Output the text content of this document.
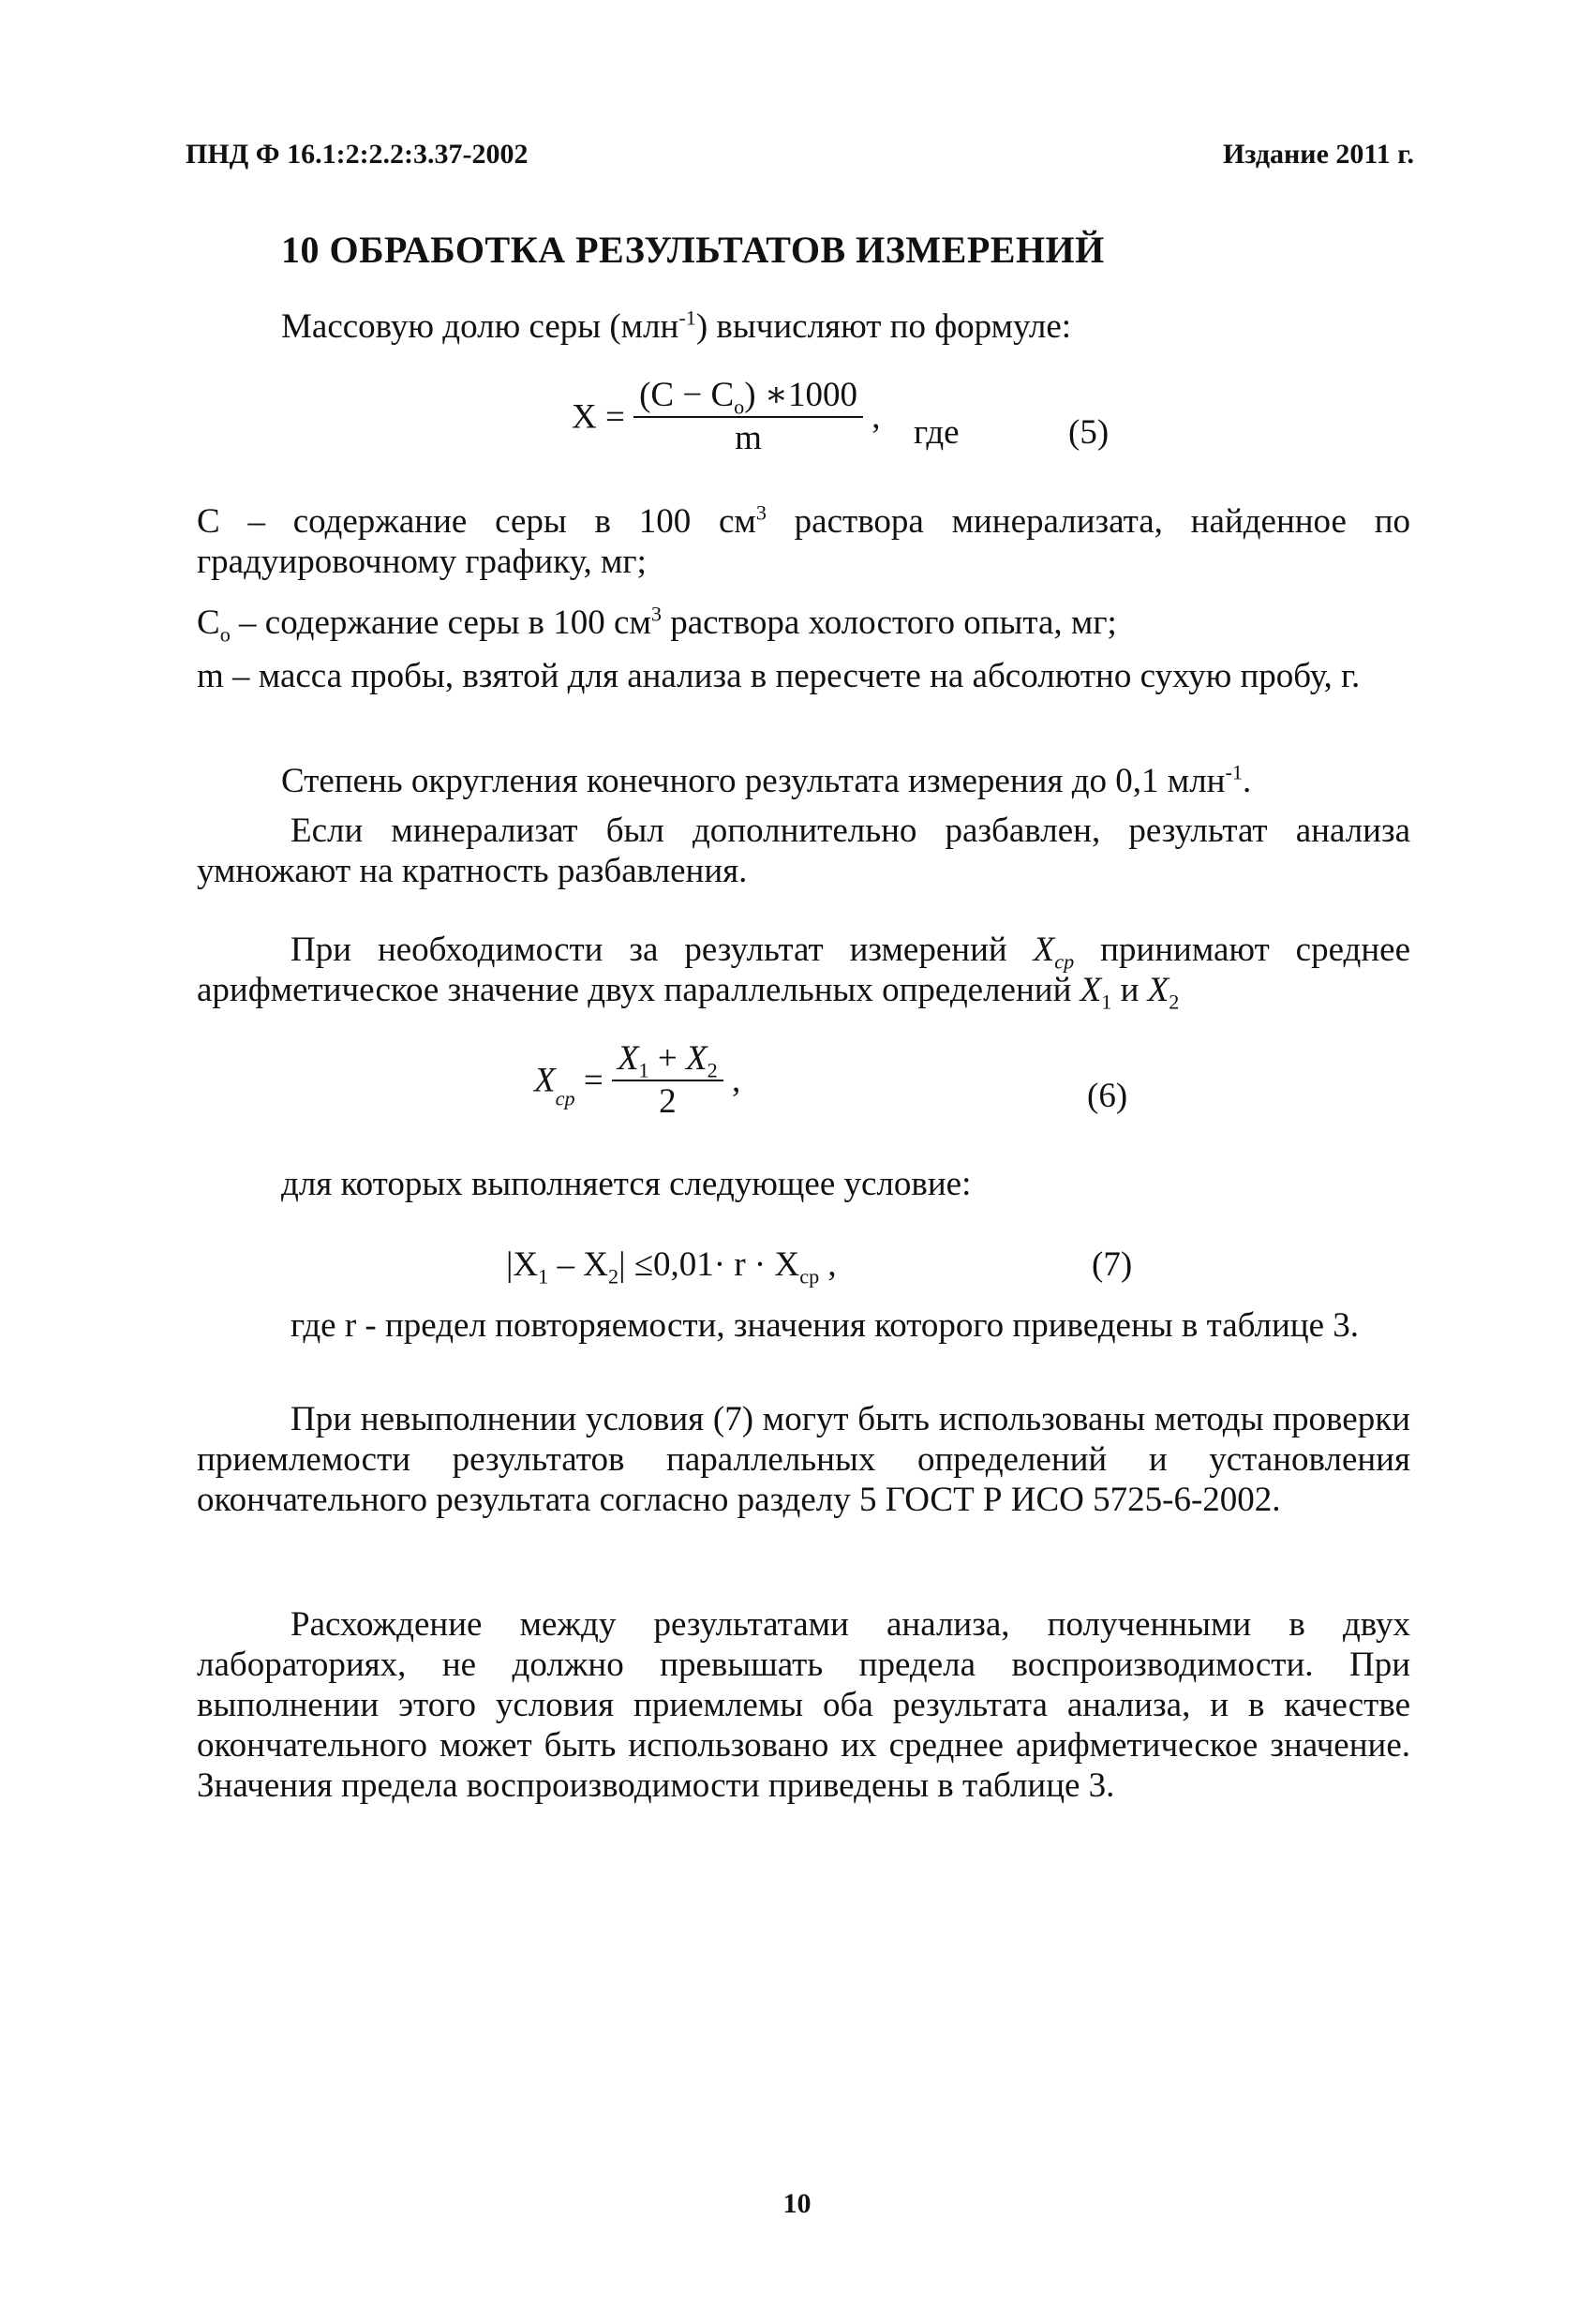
ПНД Ф 16.1:2:2.2:3.37-2002	Издание 2011 г.
10 ОБРАБОТКА РЕЗУЛЬТАТОВ ИЗМЕРЕНИЙ
Массовую долю серы (млн$^{-1}$) вычисляют по формуле:
$X = \frac{(C - C_o) ∗1000}{m}$ , где	(5)
С – содержание серы в 100 $см^3$ раствора минерализата, найденное по градуировочному графику, мг;
$С_о$ – содержание серы в 100 $см^3$ раствора холостого опыта, мг;
m – масса пробы, взятой для анализа в пересчете на абсолютно сухую пробу, г.
Степень округления конечного результата измерения до 0,1 млн$^{-1}$.
Если минерализат был дополнительно разбавлен, результат анализа умножают на кратность разбавления.
При необходимости за результат измерений $X_{ср}$ принимают среднее арифметическое значение двух параллельных определений $X_1$ и $X_2$
$X_{ср} = \frac{X_1 + X_2}{2}$ ,	(6)
для которых выполняется следующее условие:
$|X_1 - X_2| \le 0,01\cdot r \cdot X_{ср}$ ,	(7)
где r - предел повторяемости, значения которого приведены в таблице 3.
При невыполнении условия (7) могут быть использованы методы проверки приемлемости результатов параллельных определений и установления окончательного результата согласно разделу 5 ГОСТ Р ИСО 5725-6-2002.
Расхождение между результатами анализа, полученными в двух лабораториях, не должно превышать предела воспроизводимости. При выполнении этого условия приемлемы оба результата анализа, и в качестве окончательного может быть использовано их среднее арифметическое значение. Значения предела воспроизводимости приведены в таблице 3.
10
